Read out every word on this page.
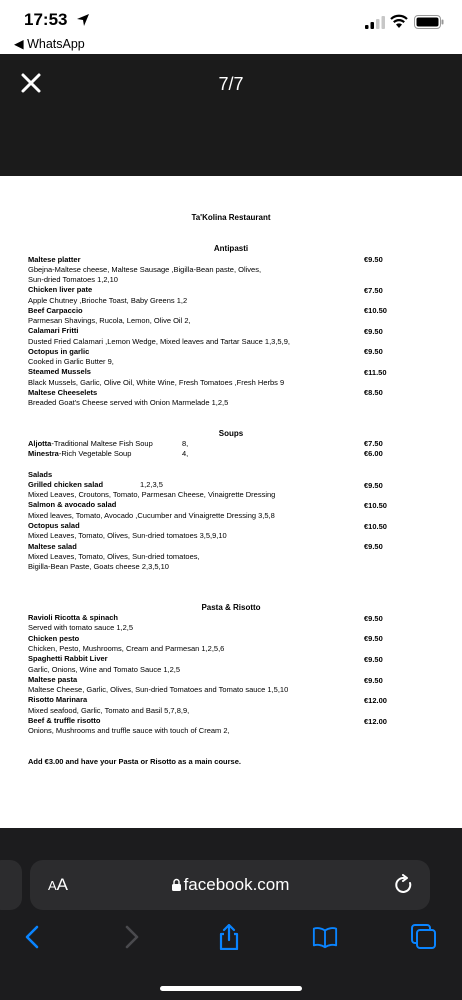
17:53
◀ WhatsApp
7/7
Ta'Kolina Restaurant
Antipasti
Maltese platter	€9.50
Gbejna-Maltese cheese, Maltese Sausage ,Bigilla-Bean paste, Olives,
Sun-dried Tomatoes 1,2,10
Chicken liver pate	€7.50
Apple Chutney ,Brioche Toast, Baby Greens 1,2
Beef Carpaccio	€10.50
Parmesan Shavings, Rucola, Lemon, Olive Oil 2,
Calamari Fritti	€9.50
Dusted Fried Calamari ,Lemon Wedge, Mixed leaves and Tartar Sauce 1,3,5,9,
Octopus in garlic	€9.50
Cooked in Garlic Butter 9,
Steamed Mussels	€11.50
Black Mussels, Garlic, Olive Oil, White Wine, Fresh Tomatoes ,Fresh Herbs 9
Maltese Cheeselets	€8.50
Breaded Goat's Cheese served with Onion Marmelade 1,2,5
Soups
Aljotta-Traditional Maltese Fish Soup	8,	€7.50
Minestra-Rich Vegetable Soup	4,	€6.00
Salads
Grilled chicken salad	1,2,3,5	€9.50
Mixed Leaves, Croutons, Tomato, Parmesan Cheese, Vinaigrette Dressing
Salmon & avocado salad	€10.50
Mixed leaves, Tomato, Avocado ,Cucumber and Vinaigrette Dressing 3,5,8
Octopus salad	€10.50
Mixed Leaves, Tomato, Olives, Sun-dried tomatoes 3,5,9,10
Maltese salad	€9.50
Mixed Leaves, Tomato, Olives, Sun-dried tomatoes,
Bigilla-Bean Paste, Goats cheese 2,3,5,10
Pasta & Risotto
Ravioli Ricotta & spinach	€9.50
Served with tomato sauce 1,2,5
Chicken pesto	€9.50
Chicken, Pesto, Mushrooms, Cream and Parmesan 1,2,5,6
Spaghetti Rabbit Liver	€9.50
Garlic, Onions, Wine and Tomato Sauce 1,2,5
Maltese pasta	€9.50
Maltese Cheese, Garlic, Olives, Sun-dried Tomatoes and Tomato sauce 1,5,10
Risotto Marinara	€12.00
Mixed seafood, Garlic, Tomato and Basil 5,7,8,9,
Beef & truffle risotto	€12.00
Onions, Mushrooms and truffle sauce with touch of Cream 2,
Add €3.00 and have your Pasta or Risotto as a main course.
AA	facebook.com
